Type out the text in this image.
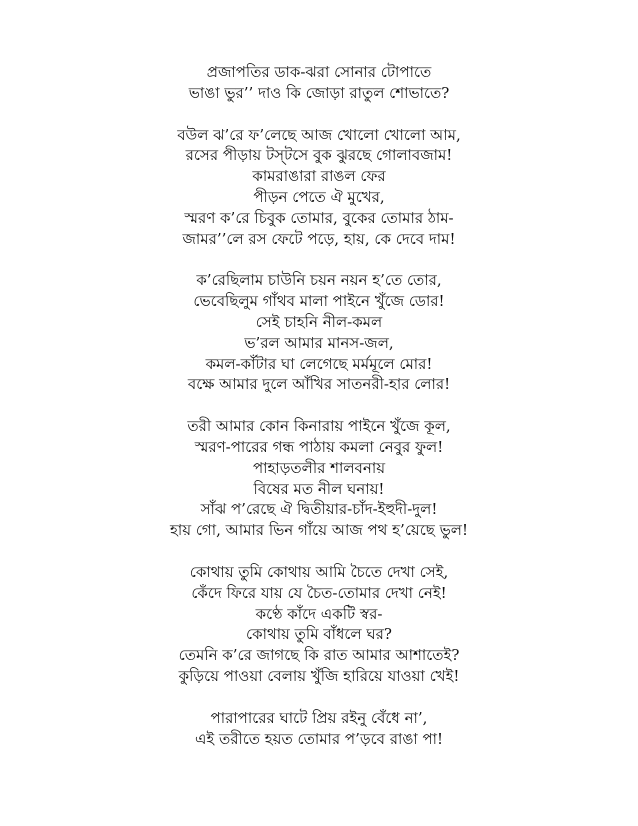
প্রজাপতির ডাক-ঝরা সোনার টোপাতে
ভাঙা ভুর’’ দাও কি জোড়া রাতুল শোভাতে?
বউল ঝ’রে ফ’লেছে আজ খোলো খোলো আম,
রসের পীড়ায় টস্‌টসে বুক ঝুরছে গোলাবজাম!
কামরাঙারা রাঙল ফের
পীড়ন পেতে ঐ মুখের,
স্মরণ ক’রে চিবুক তোমার, বুকের তোমার ঠাম-
জামর’’লে রস ফেটে পড়ে, হায়, কে দেবে দাম!
ক’রেছিলাম চাউনি চয়ন নয়ন হ’তে তোর,
ভেবেছিলুম গাঁথব মালা পাইনে খুঁজে ডোর!
সেই চাহনি নীল-কমল
ভ’রল আমার মানস-জল,
কমল-কাঁটার ঘা লেগেছে মর্মমূলে মোর!
বক্ষে আমার দুলে আঁখির সাতনরী-হার লোর!
তরী আমার কোন কিনারায় পাইনে খুঁজে কূল,
স্মরণ-পারের গন্ধ পাঠায় কমলা নেবুর ফুল!
পাহাড়তলীর শালবনায়
বিষের মত নীল ঘনায়!
সাঁঝ প’রেছে ঐ দ্বিতীয়ার-চাঁদ-ইহুদী-দুল!
হায় গো, আমার ভিন গাঁয়ে আজ পথ হ’য়েছে ভুল!
কোথায় তুমি কোথায় আমি চৈতে দেখা সেই,
কেঁদে ফিরে যায় যে চৈত-তোমার দেখা নেই!
কণ্ঠে কাঁদে একটি স্বর-
কোথায় তুমি বাঁধলে ঘর?
তেমনি ক’রে জাগছে কি রাত আমার আশাতেই?
কুড়িয়ে পাওয়া বেলায় খুঁজি হারিয়ে যাওয়া খেই!
পারাপারের ঘাটে প্রিয় রইনু বেঁধে না’,
এই তরীতে হয়ত তোমার প’ড়বে রাঙা পা!
